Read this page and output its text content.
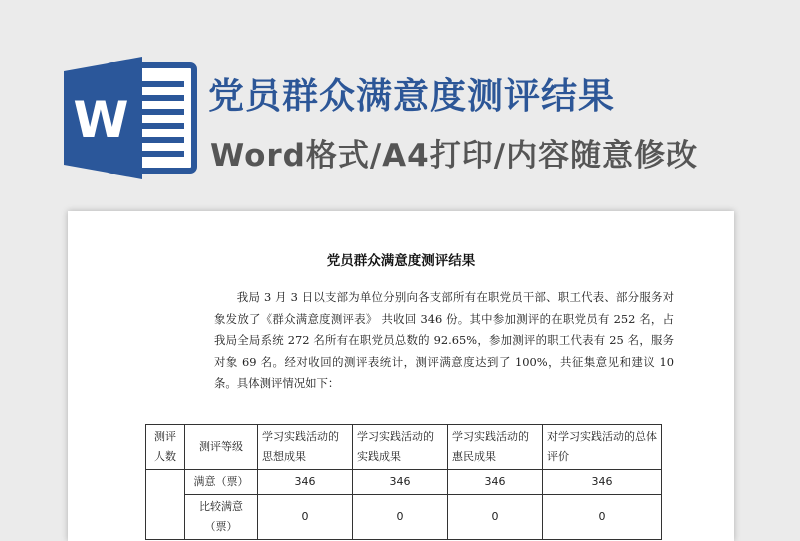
W 党员群众满意度测评结果
Word格式/A4打印/内容随意修改
党员群众满意度测评结果

我局 3 月 3 日以支部为单位分别向各支部所有在职党员干部、职工代表、部分服务对象发放了《群众满意度测评表》 共收回 346 份。其中参加测评的在职党员有 252 名，占我局全局系统 272 名所有在职党员总数的 92.65%，参加测评的职工代表有 25 名，服务对象 69 名。经对收回的测评表统计，测评满意度达到了 100%，共征集意见和建议 10条。具体测评情况如下：

测评人数	测评等级	学习实践活动的思想成果	学习实践活动的实践成果	学习实践活动的惠民成果	对学习实践活动的总体评价
	满意（票）	346	346	346	346
	比较满意（票）	0	0	0	0
